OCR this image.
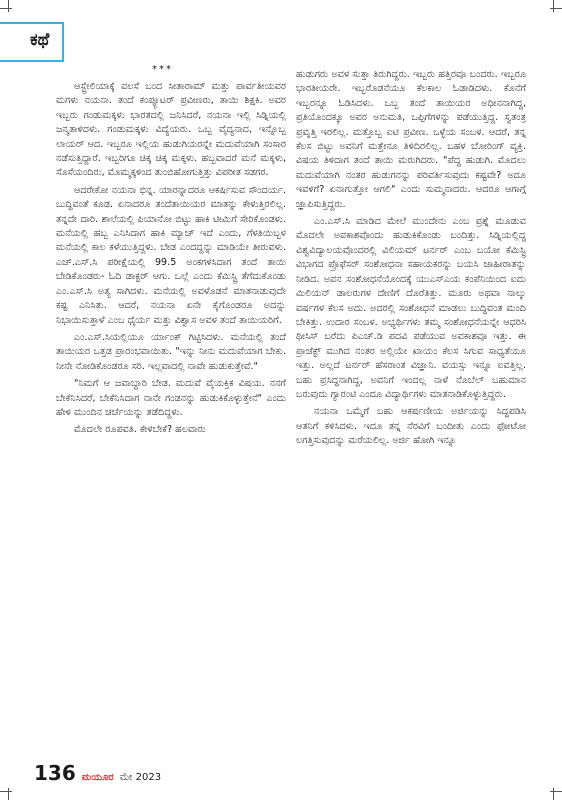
ಕಥೆ
***

ಆಸ್ಟ್ರೇಲಿಯಾಕ್ಕೆ ವಲಸೆ ಬಂದ ಸೀತಾರಾಮ್ ಮತ್ತು ಪಾರ್ವತೀಯವರ ಮಗಳು ನಯನಾ. ತಂದೆ ಕಂಪ್ಯೂಟರ್ ಪ್ರವೀಣರು, ತಾಯಿ ಶಿಕ್ಷಕಿ. ಅವರ ಇಬ್ಬರು ಗಂಡುಮಕ್ಕಳು ಭಾರತದಲ್ಲಿ ಜನಿಸಿದರೆ, ನಯನಾ ಇಲ್ಲಿ ಸಿಡ್ನಿಯಲ್ಲಿ ಜನ್ಮತಾಳಿದಳು. ಗಂಡುಮಕ್ಕಳು ವಿದ್ಯೆಯರು. ಒಬ್ಬ ವೈದ್ಯನಾದ, ಇನ್ನೊಬ್ಬ ಲಾಯರ್ ಆದ. ಇಬ್ಬರೂ ಇಲ್ಲಿಯ ಹುಡುಗಿಯರನ್ನೇ ಮದುವೆಯಾಗಿ ಸಂಸಾರ ನಡೆಸುತ್ತಿದ್ದಾರೆ. ಇಬ್ಬರಿಗೂ ಚಿಕ್ಕ ಚಿಕ್ಕ ಮಕ್ಕಳು. ಹಬ್ಬವಾದರೆ ಮನೆ ಮಕ್ಕಳು, ಸೊಸೆಯಂದಿರು, ಮೊಮ್ಮಕ್ಕಳಿಂದ ತುಂಬಿಹೋಗುತ್ತಿತ್ತು ವಿಪರೀತ ಸಡಗರ.

ಆದರೇಕೋ ನಯನಾ ಭಿನ್ನ. ಯಾರನ್ನಾದರೂ ಆಕರ್ಷಿಸುವ ಸೌಂದರ್ಯ. ಬುದ್ಧಿವಂತೆ ಕೂಡ. ಏನಾದರೂ ತಂದೆತಾಯಿಯರ ಮಾತನ್ನು ಕೇಳುತ್ತಿರಲಿಲ್ಲ. ತನ್ನದೇ ದಾರಿ. ಶಾಲೆಯಲ್ಲಿ ಪಿಯಾನೋ ಬಿಟ್ಟು ಹಾಕಿ ಟೀಮಿಗೆ ಸೇರಿಕೊಂಡಳು. ಮನೆಯಲ್ಲಿ ಹಬ್ಬ ಎನಿಸಿದಾಗ ಹಾಕಿ ಮ್ಯಾಚ್ ಇದೆ ಎಂದು, ಗೆಳತಿಯಿಬ್ಬಳ ಮನೆಯಲ್ಲಿ ಕಾಲ ಕಳೆಯುತ್ತಿದ್ದಳು. ಬೇಡ ಎಂದದ್ದನ್ನು ಮಾಡಿಯೇ ತೀರುವಳು. ಎಚ್.ಎಸ್.ಸಿ ಪರೀಕ್ಷೆಯಲ್ಲಿ 99.5 ಅಂಕಗಳಿಸಿದಾಗ ತಂದೆ ತಾಯಿ ಬೇಡಿಕೊಂಡರು- ಓದಿ ಡಾಕ್ಟರ್ ಆಗು. ಒಲ್ಲೆ ಎಂದು ಕೆಮಿಸ್ಟ್ರಿ ತೆಗೆದುಕೊಂಡು ಎಂ.ಎಸ್.ಸಿ ಅತ್ಯ ಸಾಗಿದಳು. ಮನೆಯಲ್ಲಿ ಅವಳೊಡನೆ ಮಾತನಾಡುವುದೇ ಕಷ್ಟ ಎನಿಸಿತು. ಆದರೆ, ನಯನಾ ಏನೇ ಕೈಗೊಂಡರೂ ಅದನ್ನು ನಿಭಾಯಿಸುತ್ತಾಳೆ ಎಂಬ ಧೈರ್ಯ ಮತ್ತು ವಿಶ್ವಾಸ ಅವಳ ತಂದೆ ತಾಯಿಯರಿಗೆ.

ಎಂ.ಎಸ್.ಸಿಯಲ್ಲಿಯೂ ರ್ಯಾಂಕ್ ಗಿಟ್ಟಿಸಿದಳು. ಮನೆಯಲ್ಲಿ ತಂದೆ ತಾಯಿಯರ ಒತ್ತಡ ಪ್ರಾರಂಭವಾಯಿತು. "ಇನ್ನು ನೀನು ಮದುವೆಯಾಗ ಬೇಕು. ನೀನೇ ನೋಡಿಕೊಂಡರೂ ಸರಿ. ಇಲ್ಲವಾದಲ್ಲಿ ನಾವೇ ಹುಡುಕುತ್ತೇವೆ."

"ನಿಮಗೆ ಆ ಜವಾಬ್ದಾರಿ ಬೇಡ. ಮದುವೆ ವೈಯಕ್ತಿಕ ವಿಷಯ. ನನಗೆ ಬೇಕೆನಿಸಿದರೆ, ಬೇಕೆನಿಸಿದಾಗ ನಾನೇ ಗಂಡನನ್ನು ಹುಡುಕಿಕೊಳ್ಳುತ್ತೇನೆ" ಎಂದು ಹೇಳಿ ಮುಂದಿನ ಚರ್ಚೆಯನ್ನು ತಡೆದಿದ್ದಳು.

ಮೊದಲೇ ರೂಪವತಿ. ಕೇಳಬೇಕೆ? ಹಲವಾರು

ಹುಡುಗರು ಅವಳ ಸುತ್ತಾ ತಿರುಗಿದ್ದರು. ಇಬ್ಬರು ಹತ್ತಿರವೂ ಬಂದರು. ಇಬ್ಬರೂ ಭಾರತೀಯರೇ. ಇಬ್ಬರೊಡನೆಯೂ ಕೆಲಕಾಲ ಓಡಾಡಿದಳು. ಕೊನೆಗೆ ಇಬ್ಬರನ್ನೂ ಓಡಿಸಿದಳು. ಒಬ್ಬ ತಂದೆ ತಾಯಿಯರ ಅಧೀನನಾಗಿದ್ದ, ಪ್ರತಿಯೊಂದಕ್ಕೂ ಅವರ ಅನುಮತಿ, ಒಪ್ಪಿಗೆಗಳನ್ನು ಪಡೆಯುತ್ತಿದ್ದ. ಸ್ವತಂತ್ರ ಪ್ರವೃತ್ತಿ ಇರಲಿಲ್ಲ. ಮತ್ತೊಬ್ಬ ಐಟಿ ಪ್ರವೀಣ. ಒಳ್ಳೆಯ ಸಂಬಳ. ಆದರೆ, ತನ್ನ ಕೆಲಸ ಬಿಟ್ಟು ಅವನಿಗೆ ಮತ್ತೇನೂ ತಿಳಿದಿರಲಿಲ್ಲ. ಬಹಳ ಬೋರಿಂಗ್ ವ್ಯಕ್ತಿ. ವಿಷಯ ತಿಳಿದಾಗ ತಂದೆ ತಾಯಿ ಮರುಗಿದರು. "ಪೆದ್ದ ಹುಡುಗಿ. ಮೊದಲು ಮದುವೆಯಾಗಿ ನಂತರ ಹುಡುಗನನ್ನು ಪರಿವರ್ತಿಸುವುದು ಕಷ್ಟವೇ? ಅದೂ ಇವಳಿಗೆ? ಏನಾಗುತ್ತೋ ಆಗಲಿ" ಎಂದು ಸುಮ್ಮನಾದರು. ಆದರೂ ಆಗಾಗ್ಗೆ ಜ್ಞಾಪಿಸುತ್ತಿದ್ದರು.

ಎಂ.ಎಸ್.ಸಿ ಮಾಡಿದ ಮೇಲೆ ಮುಂದೇನು ಎಂಬ ಪ್ರಶ್ನೆ ಮೂಡುವ ಮೊದಲೇ ಅವಕಾಶವೊಂದು ಹುಡುಕಿಕೊಂಡು ಬಂದಿತ್ತು. ಸಿಡ್ನಿಯಲ್ಲಿದ್ದ ವಿಶ್ವವಿದ್ಯಾಲಯವೊಂದರಲ್ಲಿ ವಿಲಿಯಮ್ ಟರ್ನರ್ ಎಂಬ ಬಯೋ ಕೆಮಿಸ್ಟ್ರಿ ವಿಭಾಗದ ಪ್ರೊಫೆಸರ್ ಸಂಶೋಧನಾ ಸಹಾಯಕರನ್ನು ಬಯಸಿ ಜಾಹೀರಾತನ್ನು ನೀಡಿದ. ಅವನ ಸಂಶೋಧನೆಯೊಂದಕ್ಕೆ ಯುಎಸ್ಎಯ ಕಂಪೆನಿಯಿಂದ ಐದು ಮಿಲಿಯನ್ ಡಾಲರುಗಳ ದೇಣಿಗೆ ದೊರೆತಿತ್ತು. ಮೂರು ಅಥವಾ ನಾಲ್ಕು ವರ್ಷಗಳ ಕೆಲಸ ಅದು. ಅದರಲ್ಲಿ ಸಂಶೋಧನೆ ಮಾಡಲು ಬುದ್ಧಿವಂತ ಮಂದಿ ಬೇಕಿತ್ತು. ಉದಾರ ಸಂಬಳ. ಅಭ್ಯರ್ಥಿಗಳು ತಮ್ಮ ಸಂಶೋಧನೆಯನ್ನೇ ಆಧರಿಸಿ ಥೀಸಿಸ್ ಬರೆದು ಪಿಎಚ್.ಡಿ ಪದವಿ ಪಡೆಯುವ ಅವಕಾಶವೂ ಇತ್ತು. ಈ ಪ್ರಾಜೆಕ್ಟ್ ಮುಗಿದ ನಂತರ ಅಲ್ಲಿಯೇ ಖಾಯಂ ಕೆಲಸ ಸಿಗುವ ಸಾಧ್ಯತೆಯೂ ಇತ್ತು. ಅಲ್ಲದೆ ಟರ್ನರ್ ಹೆಸರಾಂತ ವಿಜ್ಞಾನಿ. ವಯಸ್ಸು ಇನ್ನೂ ಐವತ್ತಿಲ್ಲ. ಬಹು ಪ್ರಸಿದ್ಧನಾಗಿದ್ದ, ಅವನಿಗೆ ಇಂದಲ್ಲ ನಾಳೆ ನೊಬೆಲ್ ಬಹುಮಾನ ಬರುವುದು ಗ್ಯಾರಂಟಿ ಎಂದೂ ವಿದ್ಯಾರ್ಥಿಗಳು ಮಾತನಾಡಿಕೊಳ್ಳುತ್ತಿದ್ದರು.

ನಯನಾ ಒಮ್ಮೆಗೆ ಬಹು ಆಕರ್ಷಣೀಯ ಅರ್ಜಿಯನ್ನು ಸಿದ್ಧಪಡಿಸಿ ಆತನಿಗೆ ಕಳಿಸಿದಳು. ಇದೂ ತನ್ನ ನೆರವಿಗೆ ಬಂದೀತು ಎಂದು ಫೋಟೋ ಲಗತ್ತಿಸುವುದನ್ನು ಮರೆಯಲಿಲ್ಲ. ಅರ್ಜಿ ಹೋಗಿ ಇನ್ನೂ

136 ಮಯೂರ ಮೇ 2023
